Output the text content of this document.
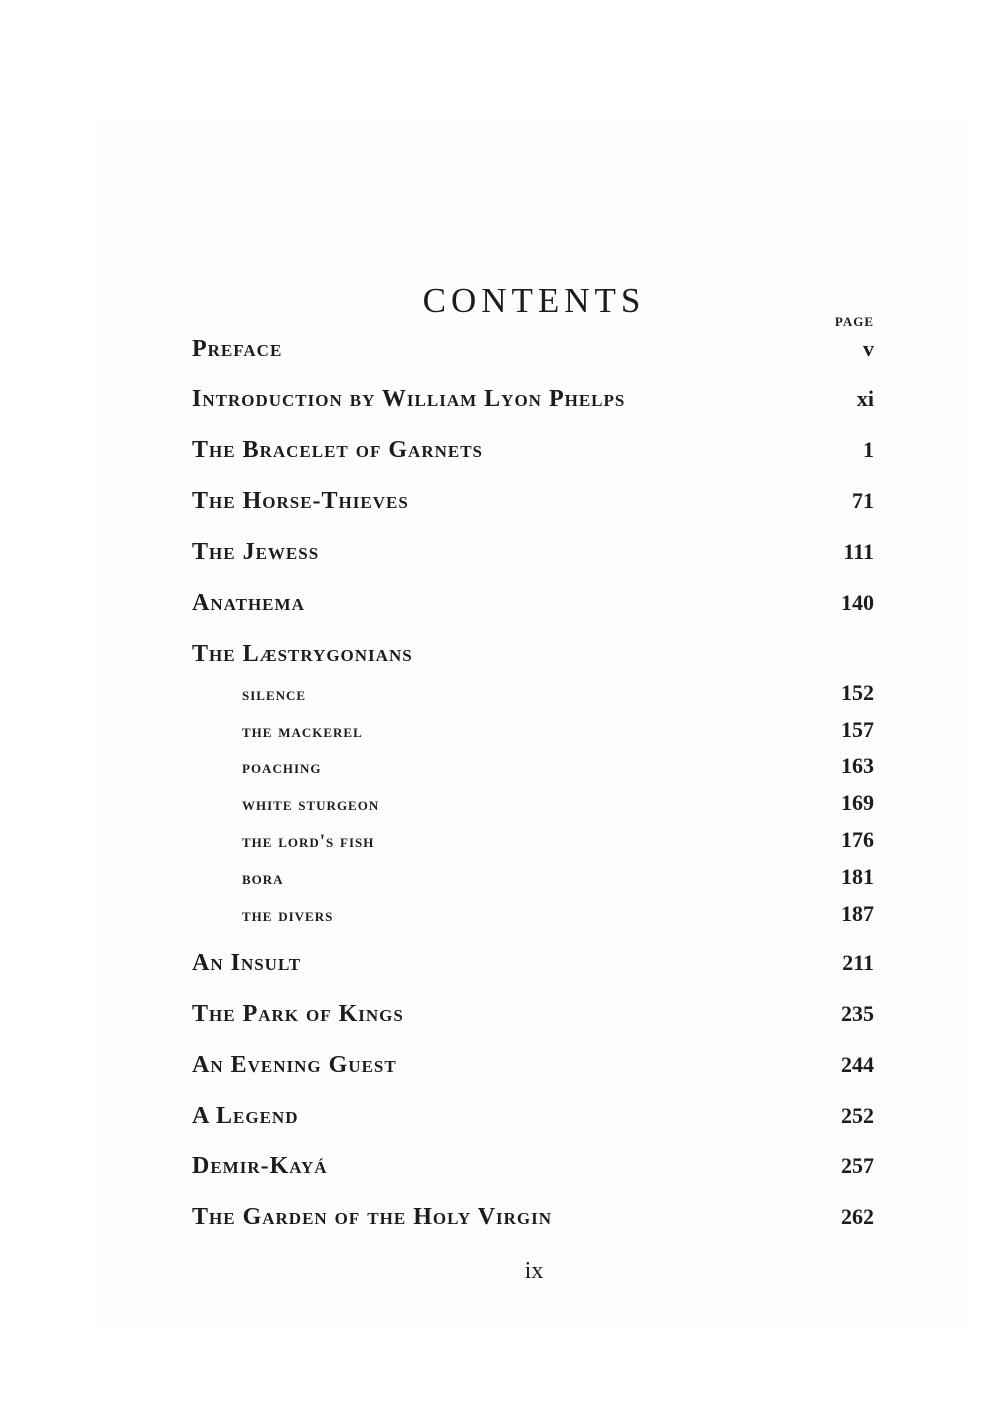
CONTENTS
PAGE
Preface	v
Introduction by William Lyon Phelps	xi
The Bracelet of Garnets	1
The Horse-Thieves	71
The Jewess	111
Anathema	140
The Læstrygonians
silence	152
the mackerel	157
poaching	163
white sturgeon	169
the lord's fish	176
bora	181
the divers	187
An Insult	211
The Park of Kings	235
An Evening Guest	244
A Legend	252
Demir-Kayá	257
The Garden of the Holy Virgin	262
ix
